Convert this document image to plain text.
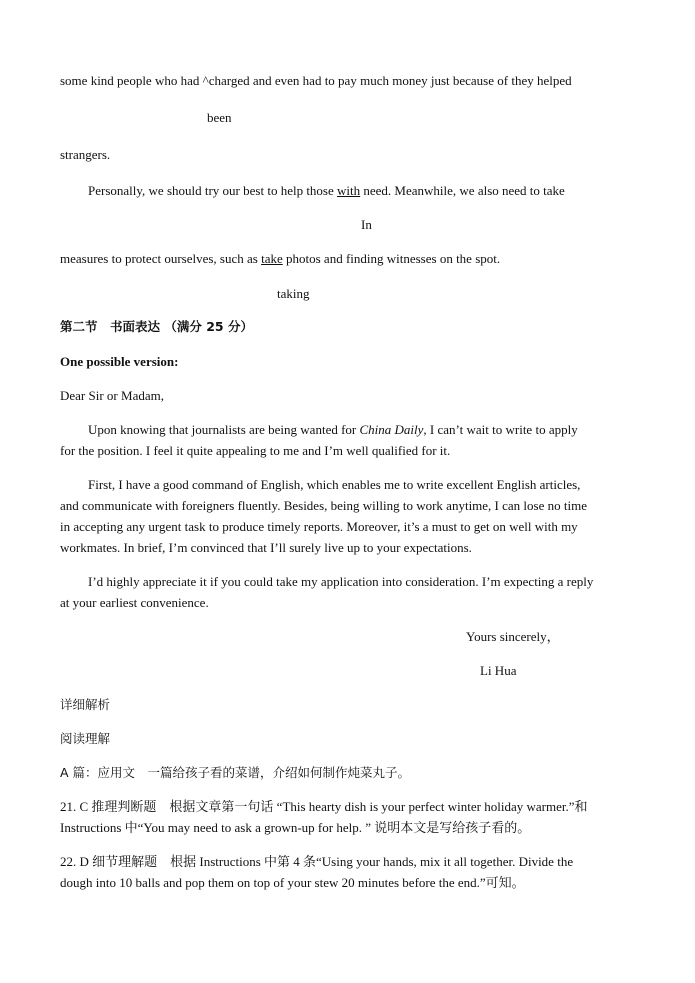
some kind people who had ^charged and even had to pay much money just because of they helped
been
strangers.
Personally, we should try our best to help those with need. Meanwhile, we also need to take
In
measures to protect ourselves, such as take photos and finding witnesses on the spot.
taking
第二节　书面表达 （满分 25 分）
One possible version:
Dear Sir or Madam,
Upon knowing that journalists are being wanted for China Daily, I can’t wait to write to apply
for the position. I feel it quite appealing to me and I’m well qualified for it.
First, I have a good command of English, which enables me to write excellent English articles,
and communicate with foreigners fluently. Besides, being willing to work anytime, I can lose no time
in accepting any urgent task to produce timely reports. Moreover, it’s a must to get on well with my
workmates. In brief, I’m convinced that I’ll surely live up to your expectations.
I’d highly appreciate it if you could take my application into consideration. I’m expecting a reply
at your earliest convenience.
Yours sincerely，
Li Hua
详细解析
阅读理解
A 篇：应用文　一篇给孩子看的菜谱，介绍如何制作炖菜丸子。
21. C 推理判断题　根据文章第一句话 “This hearty dish is your perfect winter holiday warmer.”和
Instructions 中“You may need to ask a grown-up for help. ” 说明本文是写给孩子看的。
22. D 细节理解题　根据 Instructions 中第 4 条“Using your hands, mix it all together. Divide the
dough into 10 balls and pop them on top of your stew 20 minutes before the end.”可知。
